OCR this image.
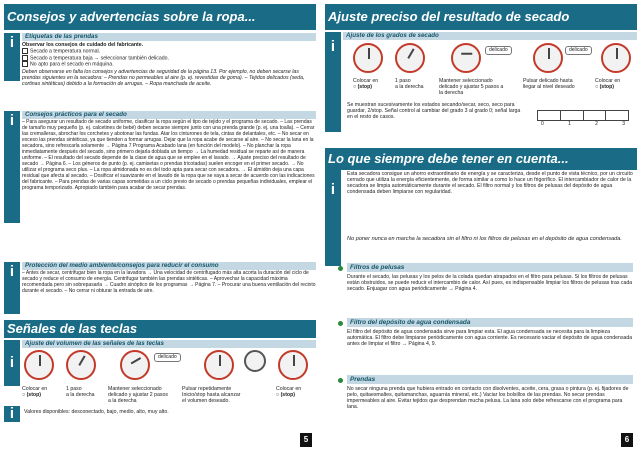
Consejos y advertencias sobre la ropa...
i	Etiquetas de las prendas
Observar los consejos de cuidado del fabricante.
Secado a temperatura normal.
Secado a temperatura baja → seleccionar también delicado.
No apto para el secado en máquina.
Deben observarse en falta los consejos y advertencias de seguridad de la página 13. Por ejemplo, no deben secarse las prendas siguientes en la secadora: – Prendas no permeables al aire (p. ej. revestidas de goma). – Tejidos delicados (seda, cortinas sintéticas) debido a la formación de arrugas. – Ropa manchada de aceite.
i	Consejos prácticos para el secado
– Para asegurar un resultado de secado uniforme, clasificar la ropa según el tipo de tejido y el programa de secado. – Las prendas de tamaño muy pequeño (p. ej. calcetines de bebé) deben secarse siempre junto con una prenda grande (p. ej. una toalla). – Cerrar las cremalleras, abrochar los corchetes y abotonar las fundas. Atar los cinturones de tela, cintas de delantales, etc. – No secar en exceso las prendas sintéticas, ya que tienden a formar arrugas. Dejar que la ropa acabe de secarse al aire. – No secar la lana en la secadora, sino refrescarla solamente → Página 7 Programa Acabado lana (en función del modelo). – No planchar la ropa inmediatamente después del secado, sino primero dejarla doblada un tiempo → La humedad residual se reparte así de manera uniforme. – El resultado del secado depende de la clase de agua que se emplee en el lavado. → Ajuste preciso del resultado de secado → Página 6. – Los géneros de punto (p. ej. camisetas o prendas tricotadas) suelen encoger en el primer secado. → No utilizar el programa seco plus. – La ropa almidonada no es del todo apta para secar con secadora. → El almidón deja una capa residual que afecta al secado. – Dosificar el suavizante en el lavado de la ropa que se vaya a secar de acuerdo con las indicaciones del fabricante. – Para prendas de varias capas sometidas a un ciclo previo de secado o prendas pequeñas individuales, emplear el programa temporizado. Apropiado también para acabar de secar prendas.
i	Protección del medio ambiente/consejos para reducir el consumo
– Antes de secar, centrifugar bien la ropa en la lavadora → Una velocidad de centrifugado más alta acorta la duración del ciclo de secado y reduce el consumo de energía. Centrifugar también las prendas sintéticas. – Aprovechar la capacidad máxima recomendada pero sin sobrepasarla → Cuadro sinóptico de los programas → Página 7. – Procurar una buena ventilación del recinto durante el secado. – No cerrar ni obturar la entrada de aire.
Señales de las teclas
i
Ajuste del volumen de las señales de las teclas
delicado
Colocar en
○ (stop)
1 paso
a la derecha
Mantener seleccionado
delicado y ajustar 2 pasos a la derecha
Pulsar repetidamente
Inicio/stop hasta alcanzar el volumen deseado.
Colocar en
○ (stop)
i	Valores disponibles: desconectado, bajo, medio, alto, muy alto.
5
Ajuste preciso del resultado de secado
i
Ajuste de los grados de secado
delicado	delicado
Colocar en
○ (stop)
1 paso
a la derecha
Mantener seleccionado
delicado y ajustar 5 pasos a la derecha
Pulsar delicado hasta
llegar al nivel deseado
Colocar en
○ (stop)
Se muestran sucesivamente los estados secando/secar, seco, seco para guardar, 2/stop. Señal control al cambiar del grado 3 al grado 0; señal larga en el resto de casos.
0	1	2	3
Lo que siempre debe tener en cuenta...
i
Esta secadora consigue un ahorro extraordinario de energía y se caracteriza, desde el punto de vista técnico, por un circuito cerrado que utiliza la energía eficientemente, de forma similar a como lo hace un frigorífico. El intercambiador de calor de la secadora se limpia automáticamente durante el secado. El filtro normal y los filtros de pelusas del depósito de agua condensada deben limpiarse con regularidad.
No poner nunca en marcha la secadora sin el filtro ni los filtros de pelusas en el depósito de agua condensada.
Filtros de pelusas
Durante el secado, las pelusas y los pelos de la colada quedan atrapados en el filtro para pelusas. Si los filtros de pelusas están obstruidos, se puede reducir el intercambio de calor. Así pues, es indispensable limpiar los filtros de pelusas tras cada secado. Enjuagar con agua periódicamente → Página 4.
Filtro del depósito de agua condensada
El filtro del depósito de agua condensada sirve para limpiar esta. El agua condensada se necesita para la limpieza automática. El filtro debe limpiarse periódicamente con agua corriente. Es necesario vaciar el depósito de agua condensada antes de limpiar el filtro → Página 4, 9.
Prendas
No secar ninguna prenda que hubiera entrado en contacto con disolventes, aceite, cera, grasa o pintura (p. ej. fijadores de pelo, quitaesmaltes, quitamanchas, aguarrás mineral, etc.) Vaciar los bolsillos de las prendas. No secar prendas impermeables al aire. Evitar tejidos que desprendan mucha pelusa. La lana solo debe refrescarse con el programa para lana.
6
